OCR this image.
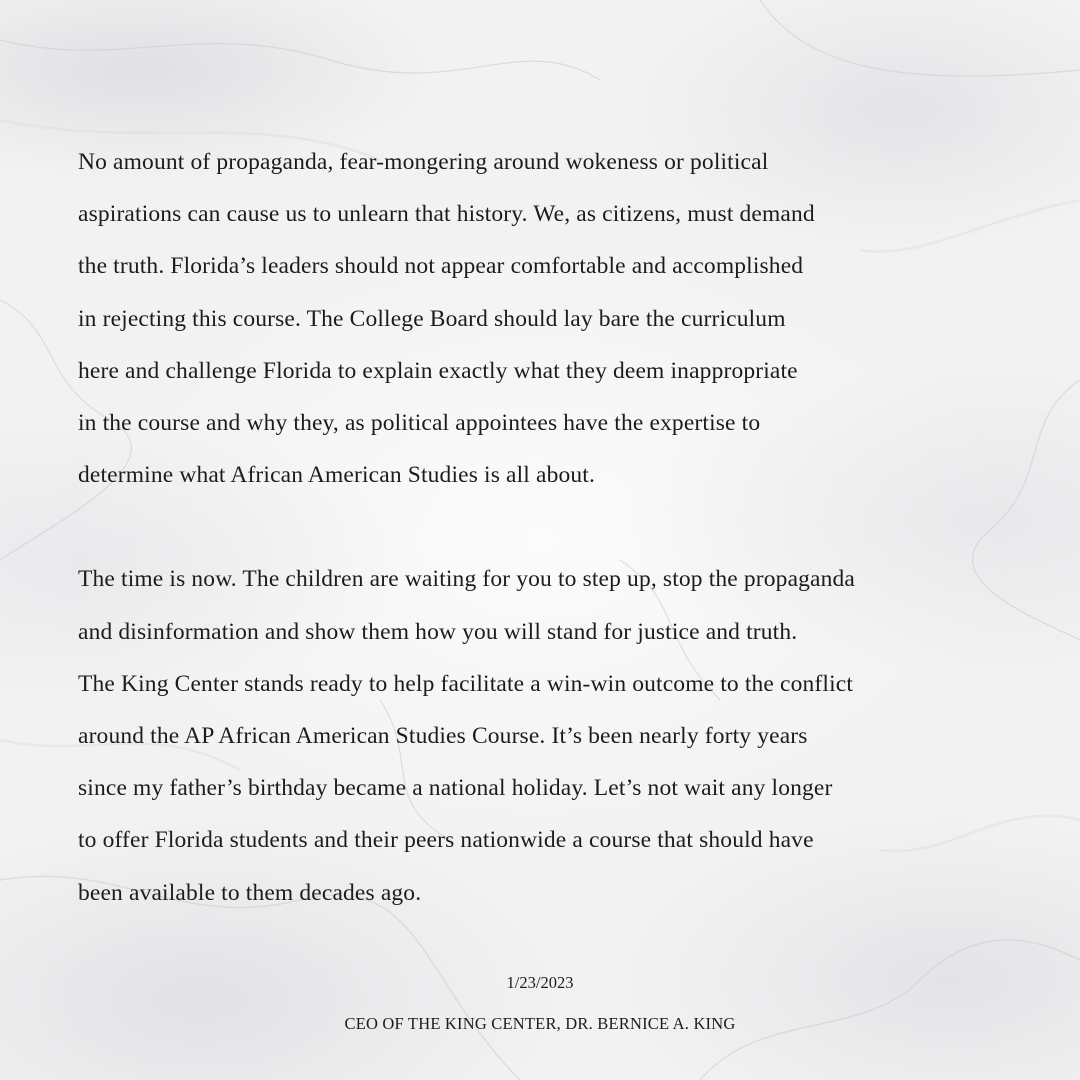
No amount of propaganda, fear-mongering around wokeness or political
aspirations can cause us to unlearn that history. We, as citizens, must demand
the truth. Florida’s leaders should not appear comfortable and accomplished
in rejecting this course. The College Board should lay bare the curriculum
here and challenge Florida to explain exactly what they deem inappropriate
in the course and why they, as political appointees have the expertise to
determine what African American Studies is all about.

The time is now. The children are waiting for you to step up, stop the propaganda
and disinformation and show them how you will stand for justice and truth.
The King Center stands ready to help facilitate a win-win outcome to the conflict
around the AP African American Studies Course. It’s been nearly forty years
since my father’s birthday became a national holiday. Let’s not wait any longer
to offer Florida students and their peers nationwide a course that should have
been available to them decades ago.

1/23/2023
CEO OF THE KING CENTER, DR. BERNICE A. KING
